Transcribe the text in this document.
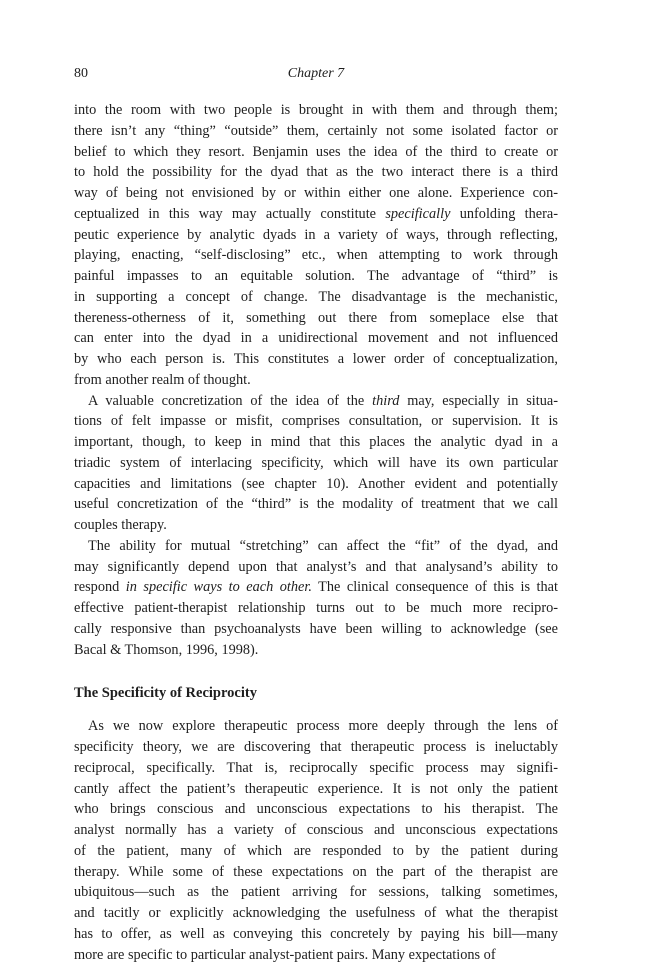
80	Chapter 7
into the room with two people is brought in with them and through them;
there isn’t any “thing” “outside” them, certainly not some isolated factor or
belief to which they resort. Benjamin uses the idea of the third to create or
to hold the possibility for the dyad that as the two interact there is a third
way of being not envisioned by or within either one alone. Experience con-
ceptualized in this way may actually constitute specifically unfolding thera-
peutic experience by analytic dyads in a variety of ways, through reflecting,
playing, enacting, “self-disclosing” etc., when attempting to work through
painful impasses to an equitable solution. The advantage of “third” is
in supporting a concept of change. The disadvantage is the mechanistic,
thereness-otherness of it, something out there from someplace else that
can enter into the dyad in a unidirectional movement and not influenced
by who each person is. This constitutes a lower order of conceptualization,
from another realm of thought.
A valuable concretization of the idea of the third may, especially in situa-
tions of felt impasse or misfit, comprises consultation, or supervision. It is
important, though, to keep in mind that this places the analytic dyad in a
triadic system of interlacing specificity, which will have its own particular
capacities and limitations (see chapter 10). Another evident and potentially
useful concretization of the “third” is the modality of treatment that we call
couples therapy.
The ability for mutual “stretching” can affect the “fit” of the dyad, and
may significantly depend upon that analyst’s and that analysand’s ability to
respond in specific ways to each other. The clinical consequence of this is that
effective patient-therapist relationship turns out to be much more recipro-
cally responsive than psychoanalysts have been willing to acknowledge (see
Bacal & Thomson, 1996, 1998).
The Specificity of Reciprocity
As we now explore therapeutic process more deeply through the lens of
specificity theory, we are discovering that therapeutic process is ineluctably
reciprocal, specifically. That is, reciprocally specific process may signifi-
cantly affect the patient’s therapeutic experience. It is not only the patient
who brings conscious and unconscious expectations to his therapist. The
analyst normally has a variety of conscious and unconscious expectations
of the patient, many of which are responded to by the patient during
therapy. While some of these expectations on the part of the therapist are
ubiquitous—such as the patient arriving for sessions, talking sometimes,
and tacitly or explicitly acknowledging the usefulness of what the therapist
has to offer, as well as conveying this concretely by paying his bill—many
more are specific to particular analyst-patient pairs. Many expectations of
